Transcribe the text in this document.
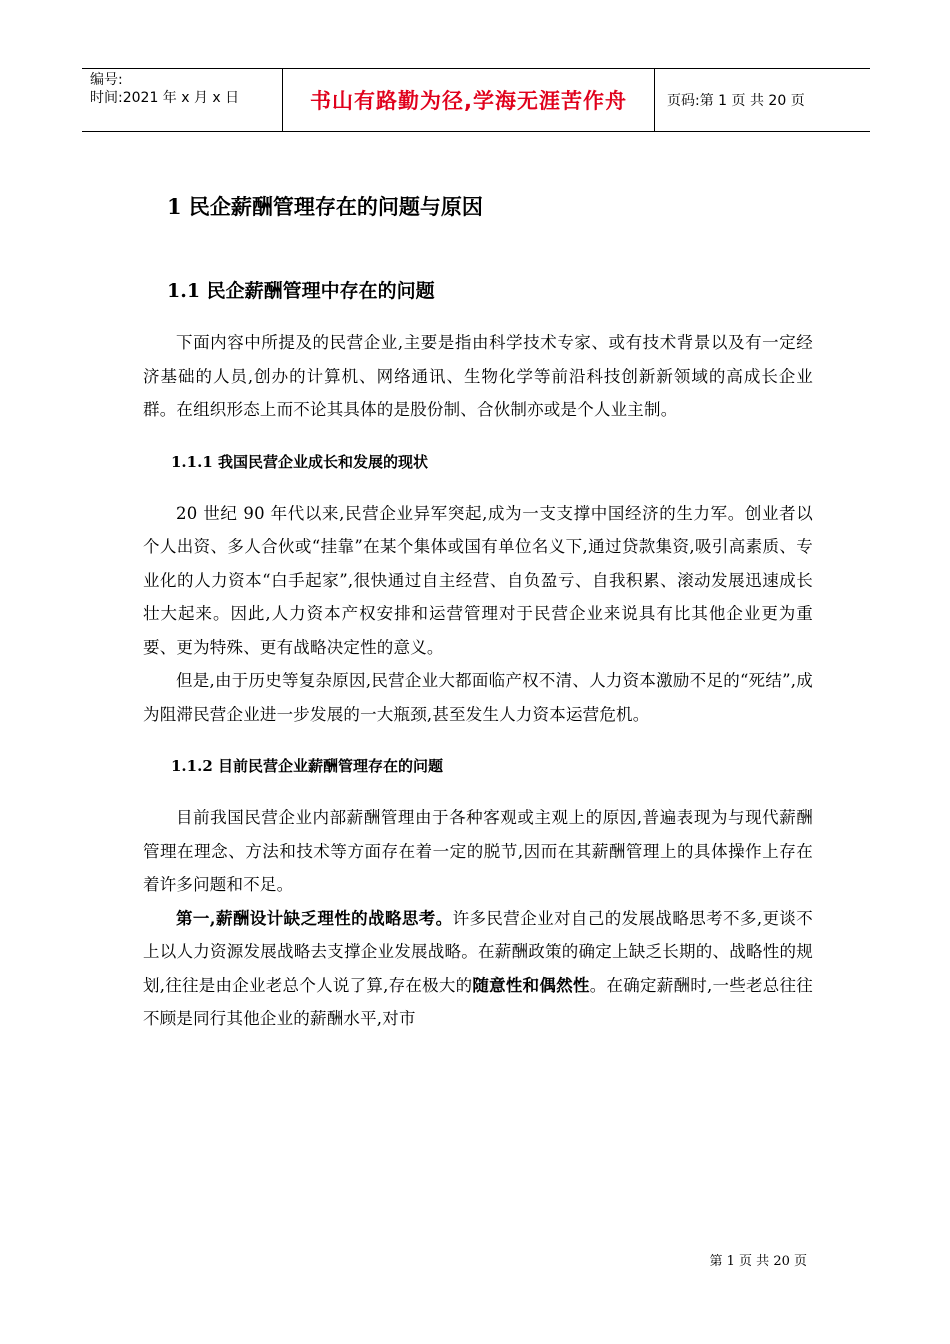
编号:
时间:2021 年 x 月 x 日	书山有路勤为径,学海无涯苦作舟	页码:第 1 页 共 20 页
1 民企薪酬管理存在的问题与原因
1.1 民企薪酬管理中存在的问题

下面内容中所提及的民营企业,主要是指由科学技术专家、或有技术背景以及有一定经济基础的人员,创办的计算机、网络通讯、生物化学等前沿科技创新新领域的高成长企业群。在组织形态上而不论其具体的是股份制、合伙制亦或是个人业主制。

1.1.1 我国民营企业成长和发展的现状

20 世纪 90 年代以来,民营企业异军突起,成为一支支撑中国经济的生力军。创业者以个人出资、多人合伙或“挂靠”在某个集体或国有单位名义下,通过贷款集资,吸引高素质、专业化的人力资本“白手起家”,很快通过自主经营、自负盈亏、自我积累、滚动发展迅速成长壮大起来。因此,人力资本产权安排和运营管理对于民营企业来说具有比其他企业更为重要、更为特殊、更有战略决定性的意义。

但是,由于历史等复杂原因,民营企业大都面临产权不清、人力资本激励不足的“死结”,成为阻滞民营企业进一步发展的一大瓶颈,甚至发生人力资本运营危机。

1.1.2 目前民营企业薪酬管理存在的问题

目前我国民营企业内部薪酬管理由于各种客观或主观上的原因,普遍表现为与现代薪酬管理在理念、方法和技术等方面存在着一定的脱节,因而在其薪酬管理上的具体操作上存在着许多问题和不足。

第一,薪酬设计缺乏理性的战略思考。许多民营企业对自己的发展战略思考不多,更谈不上以人力资源发展战略去支撑企业发展战略。在薪酬政策的确定上缺乏长期的、战略性的规划,往往是由企业老总个人说了算,存在极大的随意性和偶然性。在确定薪酬时,一些老总往往不顾是同行其他企业的薪酬水平,对市

第 1 页 共 20 页
